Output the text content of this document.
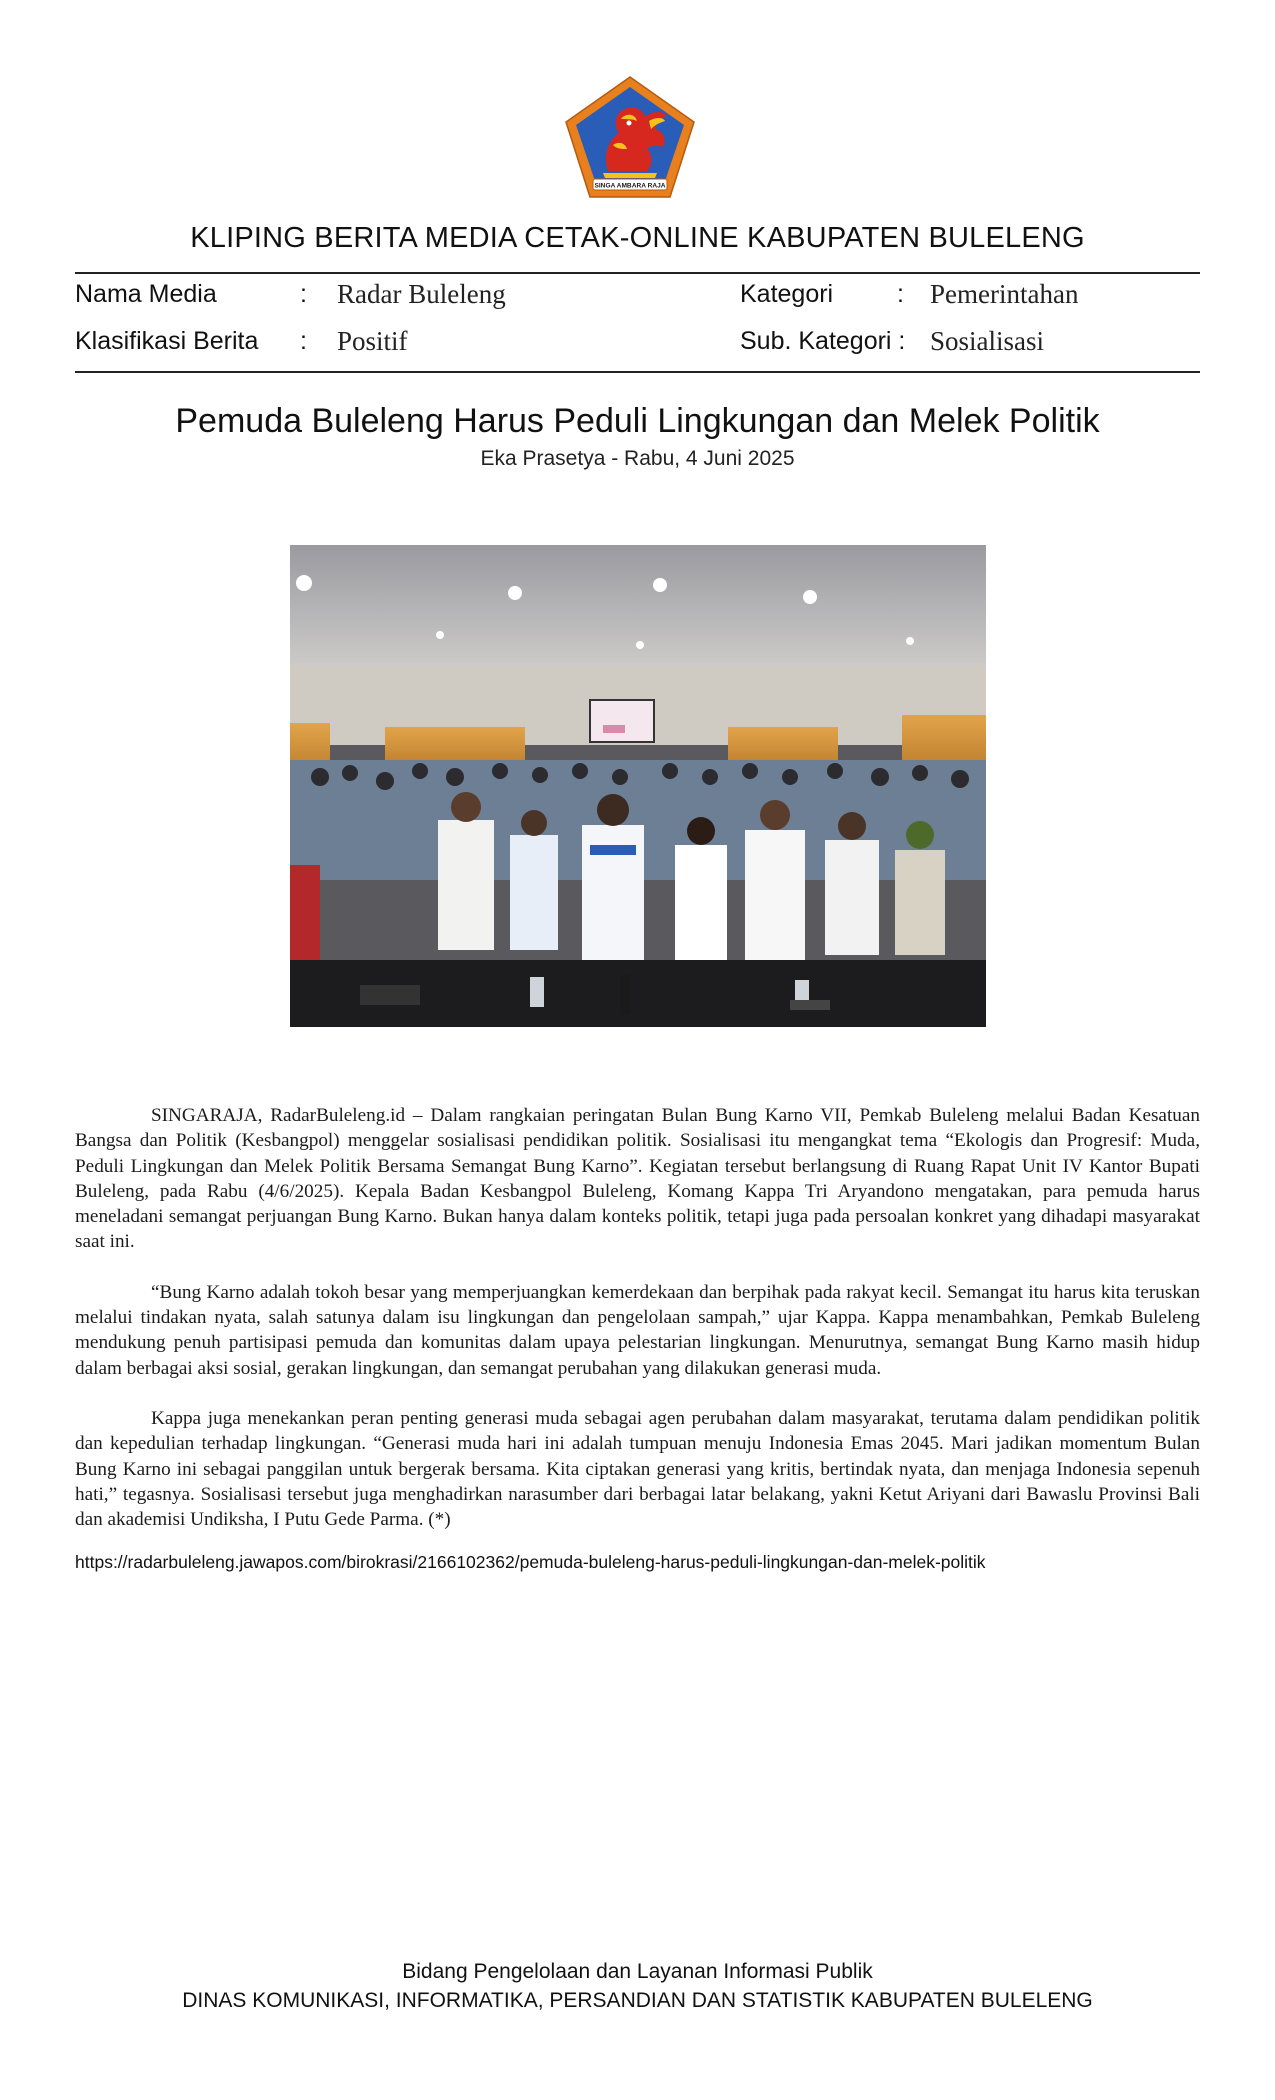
SINGA AMBARA RAJA
KLIPING BERITA MEDIA CETAK-ONLINE KABUPATEN BULELENG
Nama Media	: Radar Buleleng	Kategori	: Pemerintahan
Klasifikasi Berita : Positif	Sub. Kategori : Sosialisasi
Pemuda Buleleng Harus Peduli Lingkungan dan Melek Politik
Eka Prasetya - Rabu, 4 Juni 2025

SINGARAJA, RadarBuleleng.id – Dalam rangkaian peringatan Bulan Bung Karno VII, Pemkab Buleleng melalui Badan Kesatuan Bangsa dan Politik (Kesbangpol) menggelar sosialisasi pendidikan politik. Sosialisasi itu mengangkat tema “Ekologis dan Progresif: Muda, Peduli Lingkungan dan Melek Politik Bersama Semangat Bung Karno”. Kegiatan tersebut berlangsung di Ruang Rapat Unit IV Kantor Bupati Buleleng, pada Rabu (4/6/2025). Kepala Badan Kesbangpol Buleleng, Komang Kappa Tri Aryandono mengatakan, para pemuda harus meneladani semangat perjuangan Bung Karno. Bukan hanya dalam konteks politik, tetapi juga pada persoalan konkret yang dihadapi masyarakat saat ini.

“Bung Karno adalah tokoh besar yang memperjuangkan kemerdekaan dan berpihak pada rakyat kecil. Semangat itu harus kita teruskan melalui tindakan nyata, salah satunya dalam isu lingkungan dan pengelolaan sampah,” ujar Kappa. Kappa menambahkan, Pemkab Buleleng mendukung penuh partisipasi pemuda dan komunitas dalam upaya pelestarian lingkungan. Menurutnya, semangat Bung Karno masih hidup dalam berbagai aksi sosial, gerakan lingkungan, dan semangat perubahan yang dilakukan generasi muda.

Kappa juga menekankan peran penting generasi muda sebagai agen perubahan dalam masyarakat, terutama dalam pendidikan politik dan kepedulian terhadap lingkungan. “Generasi muda hari ini adalah tumpuan menuju Indonesia Emas 2045. Mari jadikan momentum Bulan Bung Karno ini sebagai panggilan untuk bergerak bersama. Kita ciptakan generasi yang kritis, bertindak nyata, dan menjaga Indonesia sepenuh hati,” tegasnya. Sosialisasi tersebut juga menghadirkan narasumber dari berbagai latar belakang, yakni Ketut Ariyani dari Bawaslu Provinsi Bali dan akademisi Undiksha, I Putu Gede Parma. (*)

https://radarbuleleng.jawapos.com/birokrasi/2166102362/pemuda-buleleng-harus-peduli-lingkungan-dan-melek-politik
Bidang Pengelolaan dan Layanan Informasi Publik
DINAS KOMUNIKASI, INFORMATIKA, PERSANDIAN DAN STATISTIK KABUPATEN BULELENG
